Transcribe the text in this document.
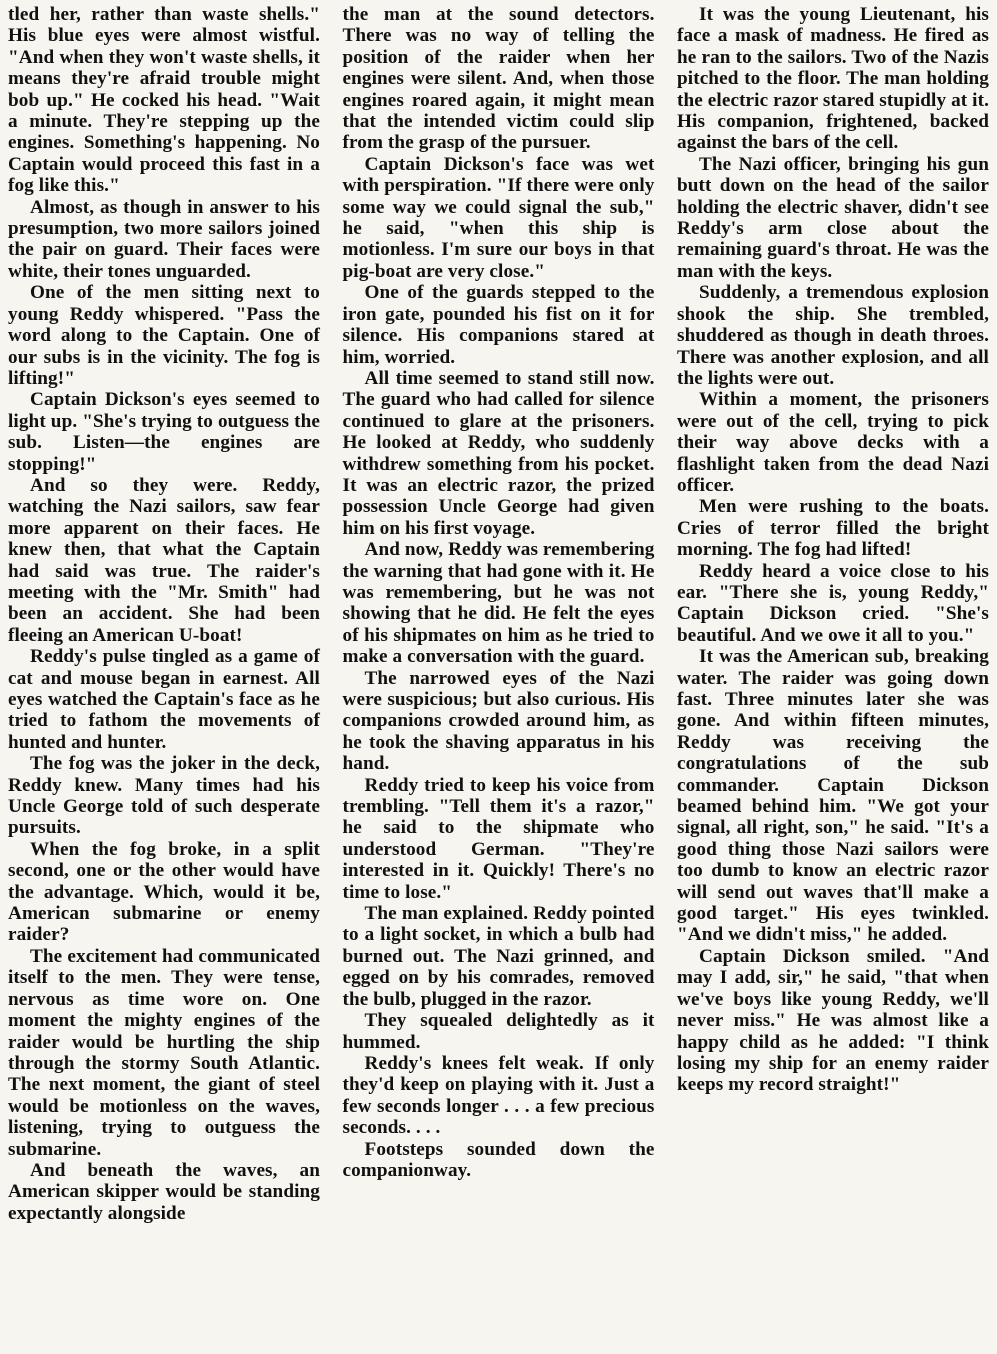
tled her, rather than waste shells." His blue eyes were almost wistful. "And when they won't waste shells, it means they're afraid trouble might bob up." He cocked his head. "Wait a minute. They're stepping up the engines. Something's happening. No Captain would proceed this fast in a fog like this."

Almost, as though in answer to his presumption, two more sailors joined the pair on guard. Their faces were white, their tones unguarded.

One of the men sitting next to young Reddy whispered. "Pass the word along to the Captain. One of our subs is in the vicinity. The fog is lifting!"

Captain Dickson's eyes seemed to light up. "She's trying to outguess the sub. Listen—the engines are stopping!"

And so they were. Reddy, watching the Nazi sailors, saw fear more apparent on their faces. He knew then, that what the Captain had said was true. The raider's meeting with the "Mr. Smith" had been an accident. She had been fleeing an American U-boat!

Reddy's pulse tingled as a game of cat and mouse began in earnest. All eyes watched the Captain's face as he tried to fathom the movements of hunted and hunter.

The fog was the joker in the deck, Reddy knew. Many times had his Uncle George told of such desperate pursuits.

When the fog broke, in a split second, one or the other would have the advantage. Which, would it be, American submarine or enemy raider?

The excitement had communicated itself to the men. They were tense, nervous as time wore on. One moment the mighty engines of the raider would be hurtling the ship through the stormy South Atlantic. The next moment, the giant of steel would be motionless on the waves, listening, trying to outguess the submarine.

And beneath the waves, an American skipper would be standing expectantly alongside

the man at the sound detectors. There was no way of telling the position of the raider when her engines were silent. And, when those engines roared again, it might mean that the intended victim could slip from the grasp of the pursuer.

Captain Dickson's face was wet with perspiration. "If there were only some way we could signal the sub," he said, "when this ship is motionless. I'm sure our boys in that pig-boat are very close."

One of the guards stepped to the iron gate, pounded his fist on it for silence. His companions stared at him, worried.

All time seemed to stand still now. The guard who had called for silence continued to glare at the prisoners. He looked at Reddy, who suddenly withdrew something from his pocket. It was an electric razor, the prized possession Uncle George had given him on his first voyage.

And now, Reddy was remembering the warning that had gone with it. He was remembering, but he was not showing that he did. He felt the eyes of his shipmates on him as he tried to make a conversation with the guard.

The narrowed eyes of the Nazi were suspicious; but also curious. His companions crowded around him, as he took the shaving apparatus in his hand.

Reddy tried to keep his voice from trembling. "Tell them it's a razor," he said to the shipmate who understood German. "They're interested in it. Quickly! There's no time to lose."

The man explained. Reddy pointed to a light socket, in which a bulb had burned out. The Nazi grinned, and egged on by his comrades, removed the bulb, plugged in the razor.

They squealed delightedly as it hummed.

Reddy's knees felt weak. If only they'd keep on playing with it. Just a few seconds longer . . . a few precious seconds. . . .

Footsteps sounded down the companionway.

It was the young Lieutenant, his face a mask of madness. He fired as he ran to the sailors. Two of the Nazis pitched to the floor. The man holding the electric razor stared stupidly at it. His companion, frightened, backed against the bars of the cell.

The Nazi officer, bringing his gun butt down on the head of the sailor holding the electric shaver, didn't see Reddy's arm close about the remaining guard's throat. He was the man with the keys.

Suddenly, a tremendous explosion shook the ship. She trembled, shuddered as though in death throes. There was another explosion, and all the lights were out.

Within a moment, the prisoners were out of the cell, trying to pick their way above decks with a flashlight taken from the dead Nazi officer.

Men were rushing to the boats. Cries of terror filled the bright morning. The fog had lifted!

Reddy heard a voice close to his ear. "There she is, young Reddy," Captain Dickson cried. "She's beautiful. And we owe it all to you."

It was the American sub, breaking water. The raider was going down fast. Three minutes later she was gone. And within fifteen minutes, Reddy was receiving the congratulations of the sub commander. Captain Dickson beamed behind him. "We got your signal, all right, son," he said. "It's a good thing those Nazi sailors were too dumb to know an electric razor will send out waves that'll make a good target." His eyes twinkled. "And we didn't miss," he added.

Captain Dickson smiled. "And may I add, sir," he said, "that when we've boys like young Reddy, we'll never miss." He was almost like a happy child as he added: "I think losing my ship for an enemy raider keeps my record straight!"
